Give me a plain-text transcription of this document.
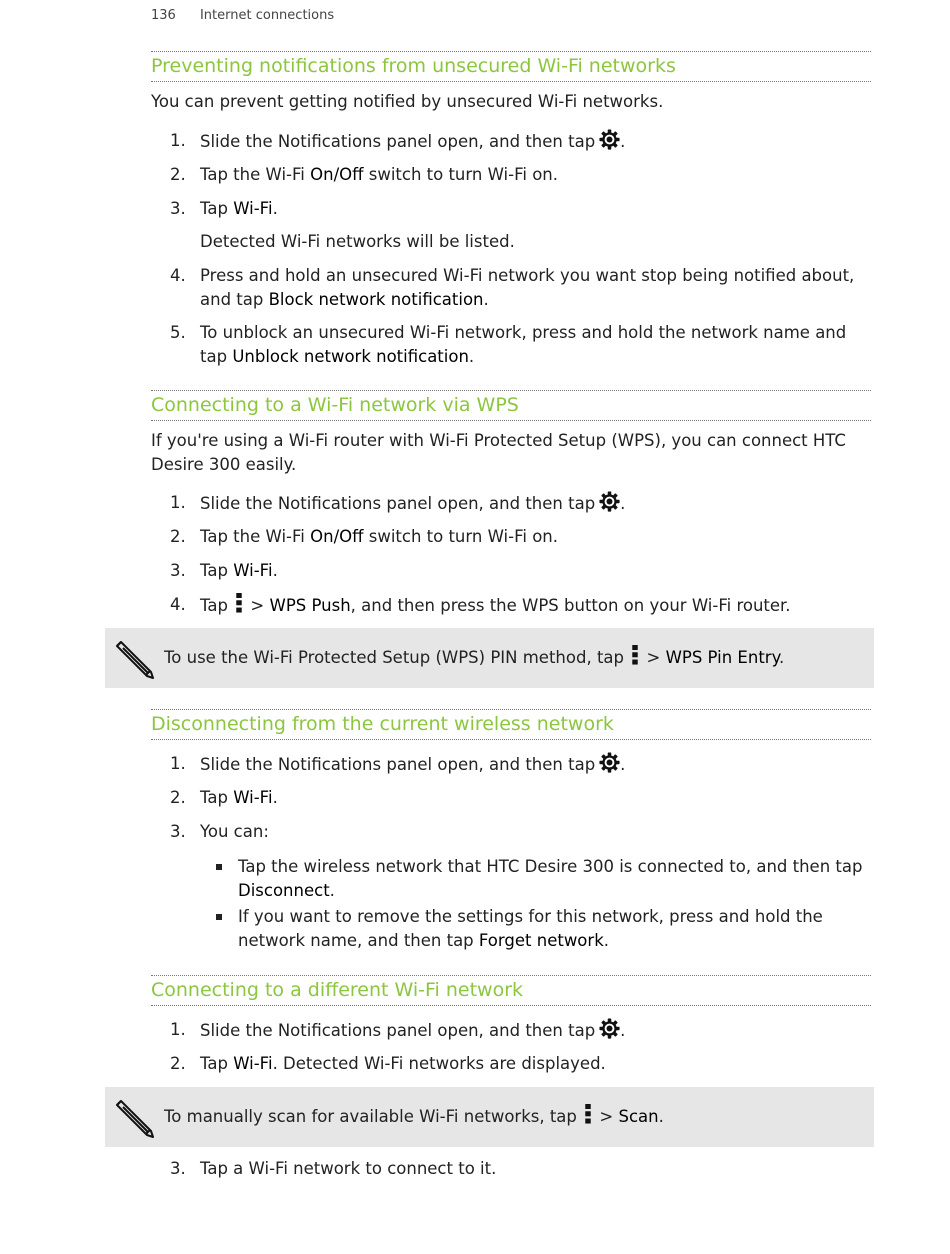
136 Internet connections
Preventing notifications from unsecured Wi-Fi networks
You can prevent getting notified by unsecured Wi-Fi networks.
1. Slide the Notifications panel open, and then tap .
2. Tap the Wi-Fi On/Off switch to turn Wi-Fi on.
3. Tap Wi-Fi.
Detected Wi-Fi networks will be listed.
4. Press and hold an unsecured Wi-Fi network you want stop being notified about, and tap Block network notification.
5. To unblock an unsecured Wi-Fi network, press and hold the network name and tap Unblock network notification.
Connecting to a Wi-Fi network via WPS
If you're using a Wi-Fi router with Wi-Fi Protected Setup (WPS), you can connect HTC Desire 300 easily.
1. Slide the Notifications panel open, and then tap .
2. Tap the Wi-Fi On/Off switch to turn Wi-Fi on.
3. Tap Wi-Fi.
4. Tap  > WPS Push, and then press the WPS button on your Wi-Fi router.
To use the Wi-Fi Protected Setup (WPS) PIN method, tap  > WPS Pin Entry.
Disconnecting from the current wireless network
1. Slide the Notifications panel open, and then tap .
2. Tap Wi-Fi.
3. You can:
Tap the wireless network that HTC Desire 300 is connected to, and then tap Disconnect.
If you want to remove the settings for this network, press and hold the network name, and then tap Forget network.
Connecting to a different Wi-Fi network
1. Slide the Notifications panel open, and then tap .
2. Tap Wi-Fi. Detected Wi-Fi networks are displayed.
To manually scan for available Wi-Fi networks, tap  > Scan.
3. Tap a Wi-Fi network to connect to it.
